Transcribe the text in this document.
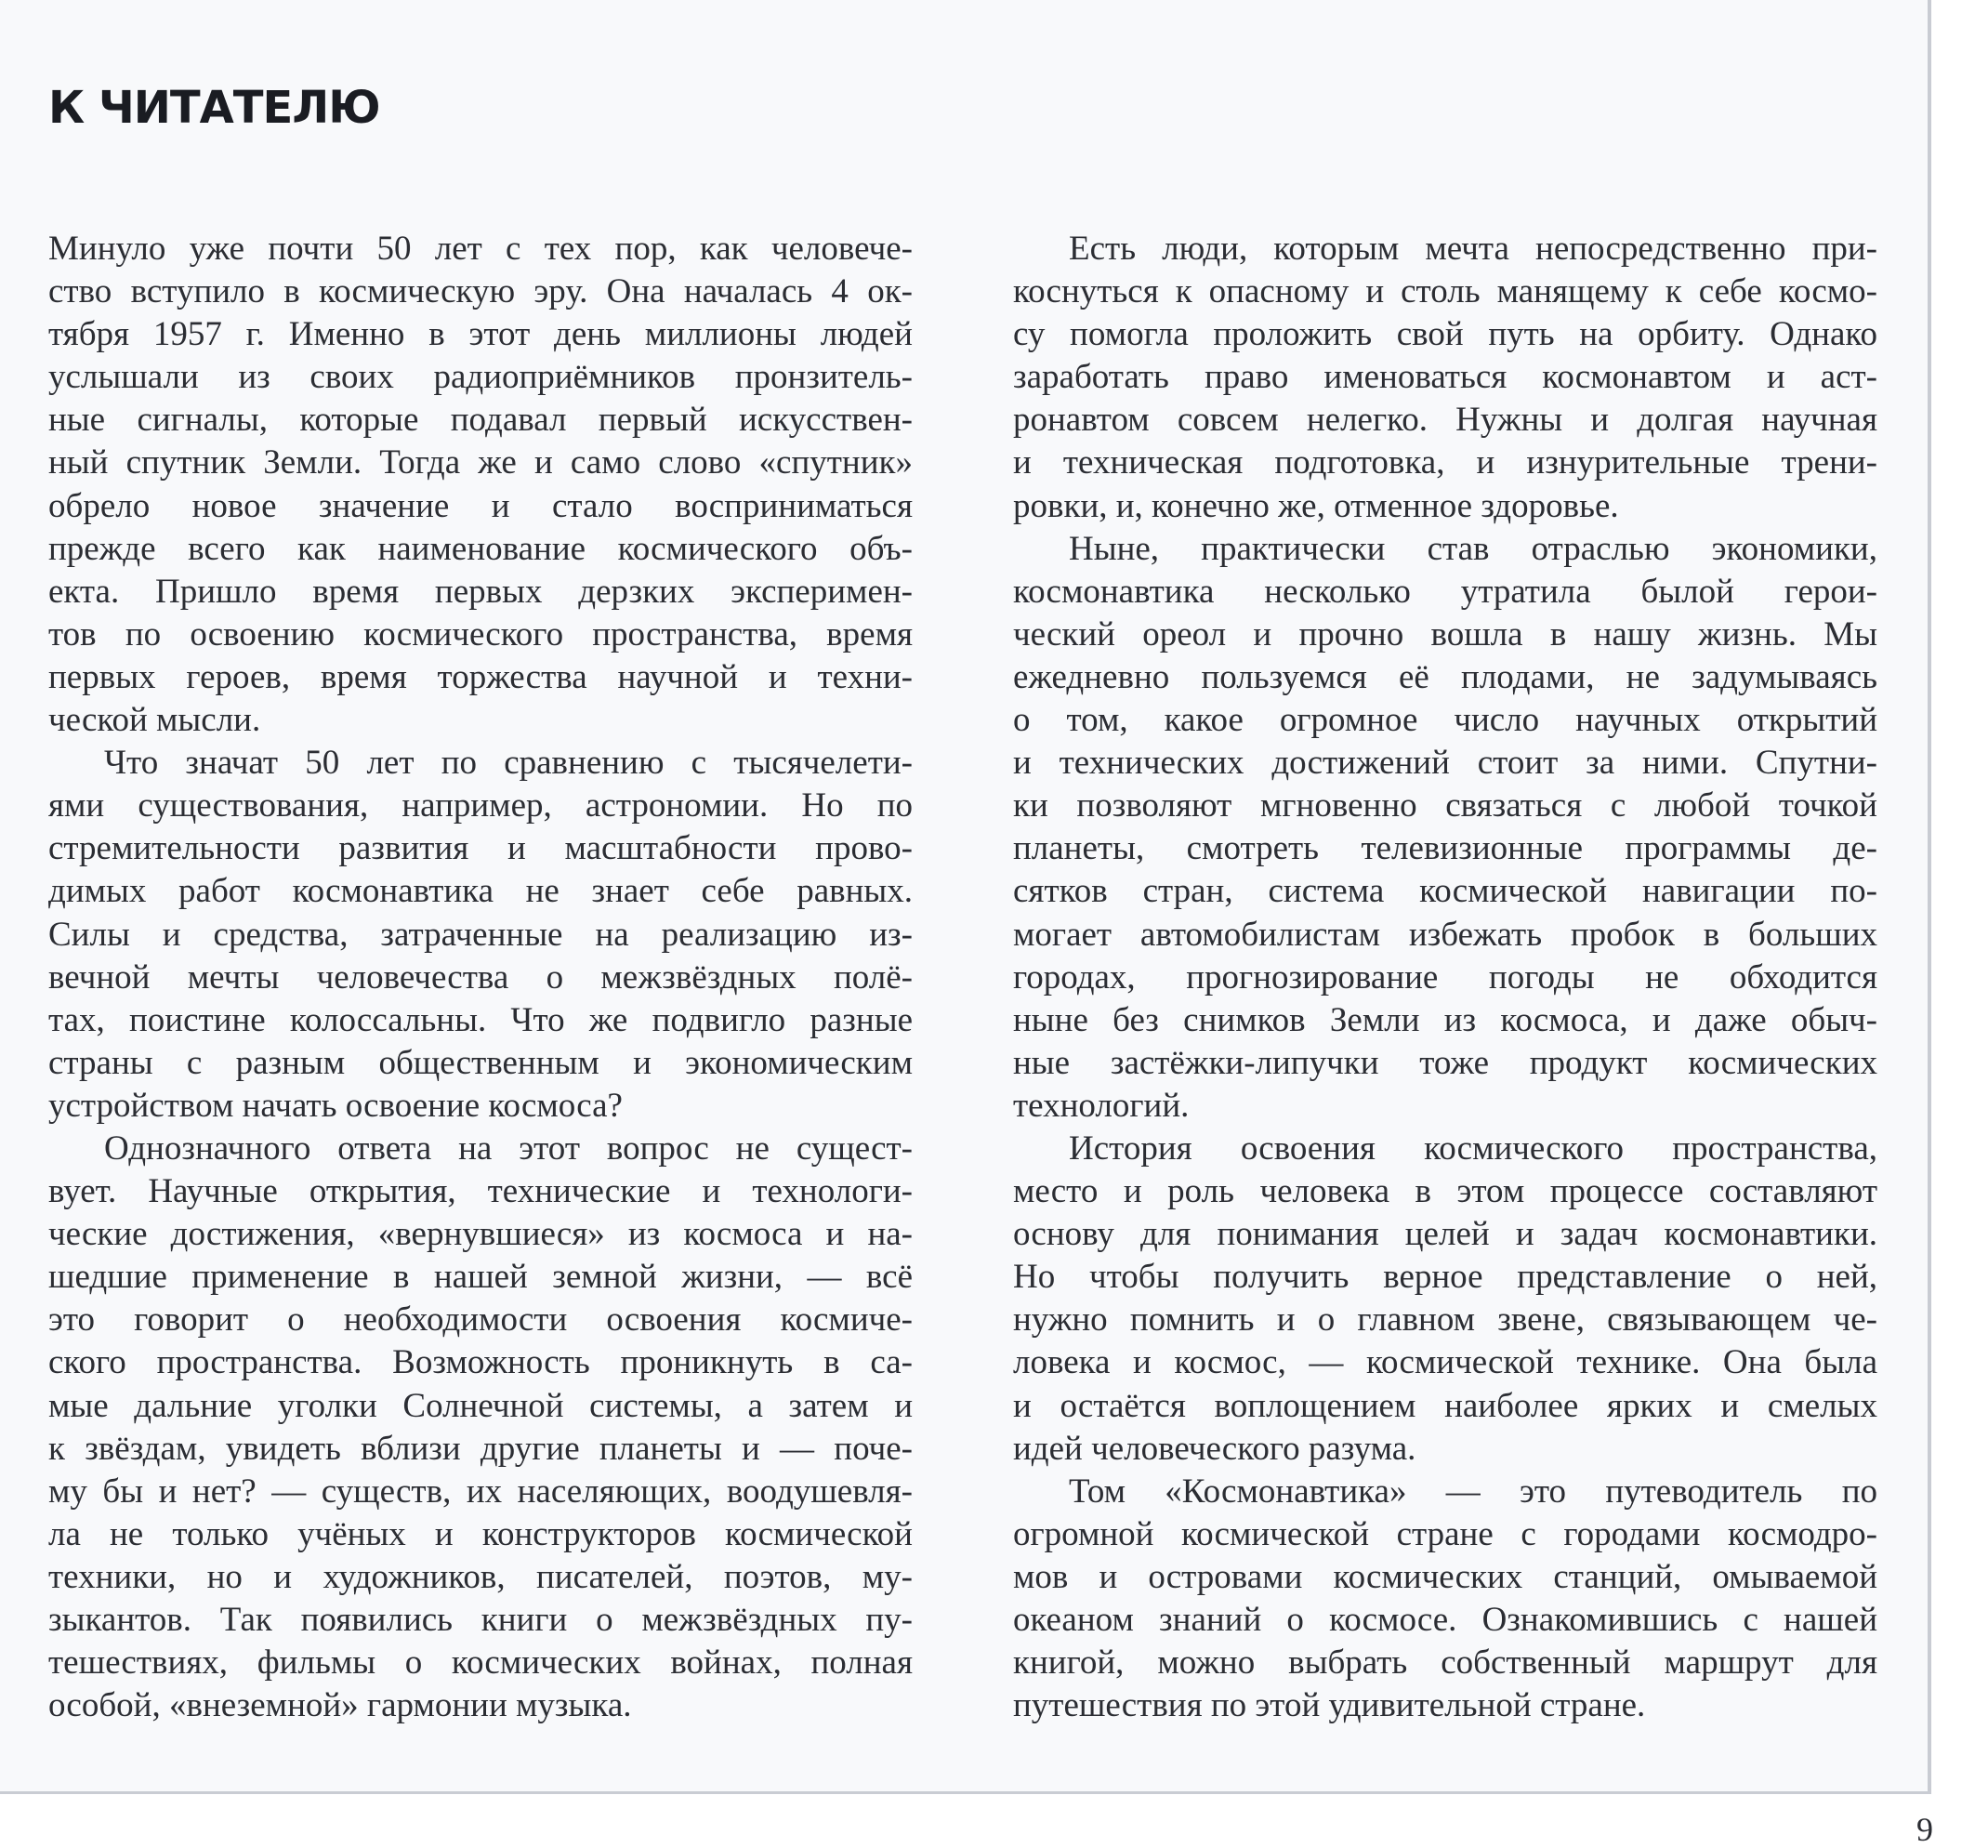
К ЧИТАТЕЛЮ

Минуло уже почти 50 лет с тех пор, как человече-

ство вступило в космическую эру. Она началась 4 ок-

тября 1957 г. Именно в этот день миллионы людей

услышали из своих радиоприёмников пронзитель-

ные сигналы, которые подавал первый искусствен-

ный спутник Земли. Тогда же и само слово «спутник»

обрело новое значение и стало восприниматься

прежде всего как наименование космического объ-

екта. Пришло время первых дерзких эксперимен-

тов по освоению космического пространства, время

первых героев, время торжества научной и техни-

ческой мысли.

Что значат 50 лет по сравнению с тысячелети-

ями существования, например, астрономии. Но по

стремительности развития и масштабности прово-

димых работ космонавтика не знает себе равных.

Силы и средства, затраченные на реализацию из-

вечной мечты человечества о межзвёздных полё-

тах, поистине колоссальны. Что же подвигло разные

страны с разным общественным и экономическим

устройством начать освоение космоса?

Однозначного ответа на этот вопрос не сущест-

вует. Научные открытия, технические и технологи-

ческие достижения, «вернувшиеся» из космоса и на-

шедшие применение в нашей земной жизни, — всё

это говорит о необходимости освоения космиче-

ского пространства. Возможность проникнуть в са-

мые дальние уголки Солнечной системы, а затем и

к звёздам, увидеть вблизи другие планеты и — поче-

му бы и нет? — существ, их населяющих, воодушевля-

ла не только учёных и конструкторов космической

техники, но и художников, писателей, поэтов, му-

зыкантов. Так появились книги о межзвёздных пу-

тешествиях, фильмы о космических войнах, полная

особой, «внеземной» гармонии музыка.

Есть люди, которым мечта непосредственно при-

коснуться к опасному и столь манящему к себе космо-

су помогла проложить свой путь на орбиту. Однако

заработать право именоваться космонавтом и аст-

ронавтом совсем нелегко. Нужны и долгая научная

и техническая подготовка, и изнурительные трени-

ровки, и, конечно же, отменное здоровье.

Ныне, практически став отраслью экономики,

космонавтика несколько утратила былой герои-

ческий ореол и прочно вошла в нашу жизнь. Мы

ежедневно пользуемся её плодами, не задумываясь

о том, какое огромное число научных открытий

и технических достижений стоит за ними. Спутни-

ки позволяют мгновенно связаться с любой точкой

планеты, смотреть телевизионные программы де-

сятков стран, система космической навигации по-

могает автомобилистам избежать пробок в больших

городах, прогнозирование погоды не обходится

ныне без снимков Земли из космоса, и даже обыч-

ные застёжки-липучки тоже продукт космических

технологий.

История освоения космического пространства,

место и роль человека в этом процессе составляют

основу для понимания целей и задач космонавтики.

Но чтобы получить верное представление о ней,

нужно помнить и о главном звене, связывающем че-

ловека и космос, — космической технике. Она была

и остаётся воплощением наиболее ярких и смелых

идей человеческого разума.

Том «Космонавтика» — это путеводитель по

огромной космической стране с городами космодро-

мов и островами космических станций, омываемой

океаном знаний о космосе. Ознакомившись с нашей

книгой, можно выбрать собственный маршрут для

путешествия по этой удивительной стране.

9
